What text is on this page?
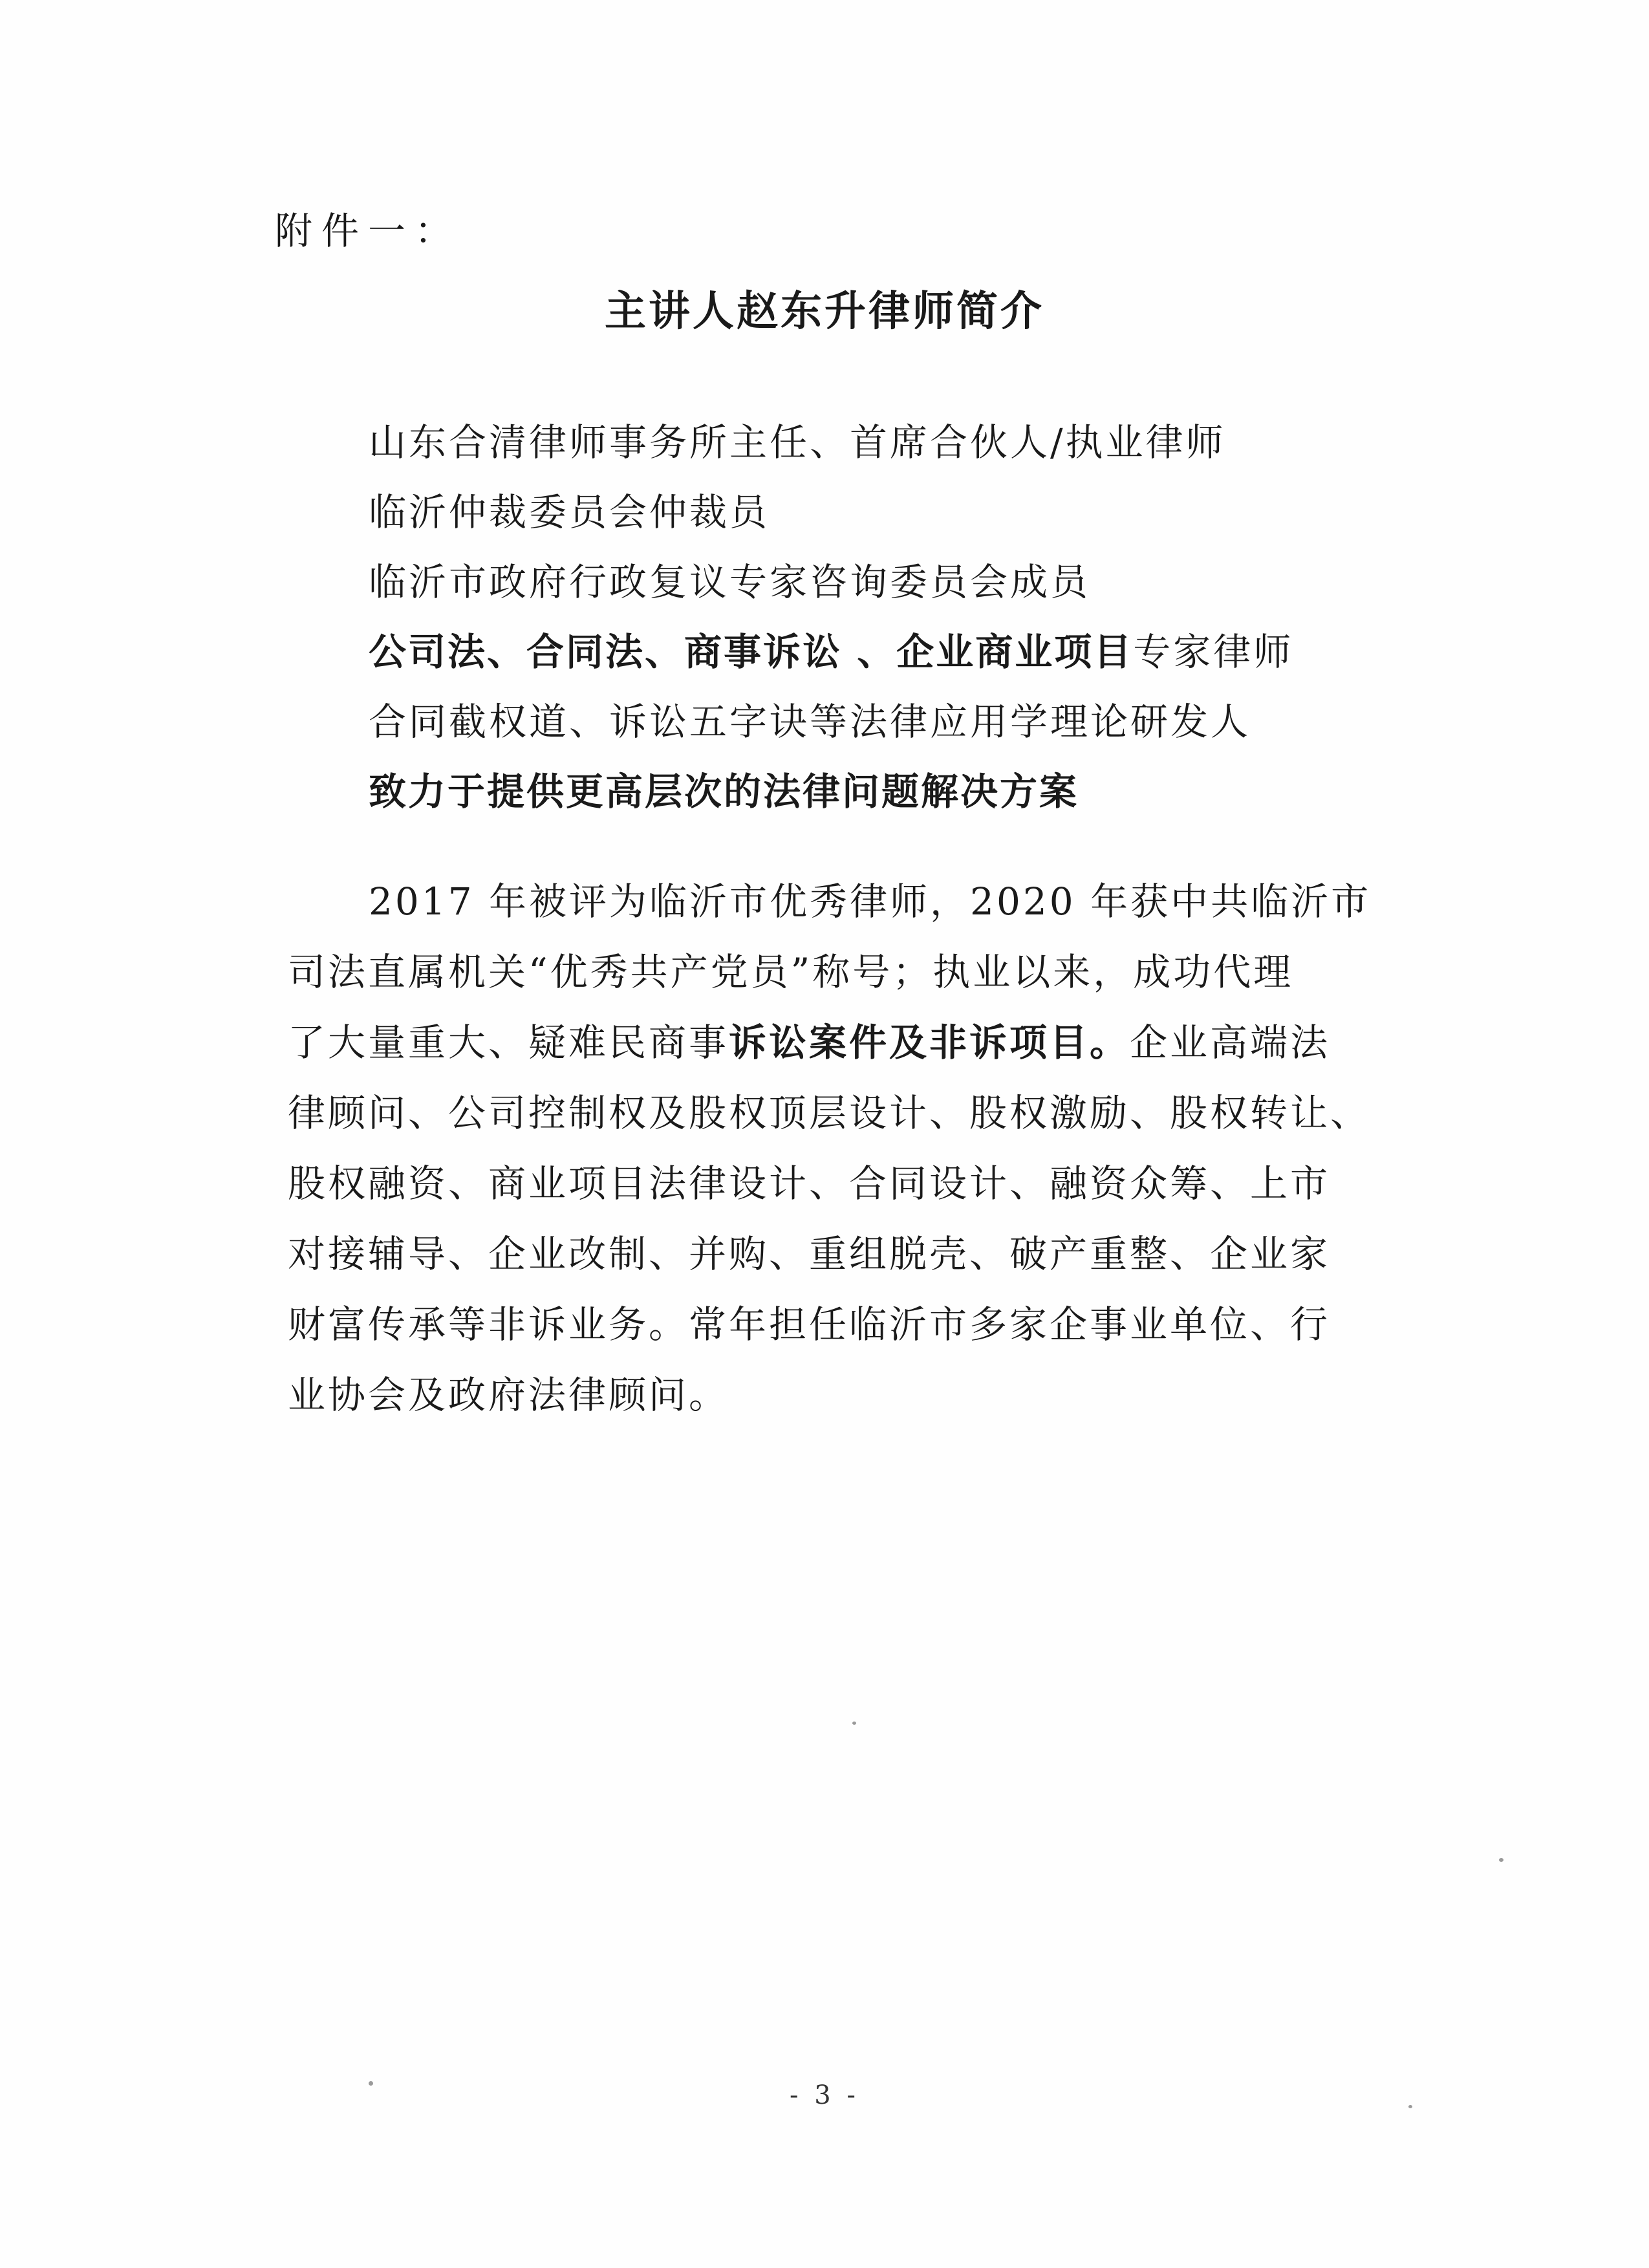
附件一：
主讲人赵东升律师简介
山东合清律师事务所主任、首席合伙人/执业律师
临沂仲裁委员会仲裁员
临沂市政府行政复议专家咨询委员会成员
公司法、合同法、商事诉讼 、企业商业项目专家律师
合同截权道、诉讼五字诀等法律应用学理论研发人
致力于提供更高层次的法律问题解决方案
2017 年被评为临沂市优秀律师，2020 年获中共临沂市
司法直属机关“优秀共产党员”称号；执业以来，成功代理
了大量重大、疑难民商事诉讼案件及非诉项目。企业高端法
律顾问、公司控制权及股权顶层设计、股权激励、股权转让、
股权融资、商业项目法律设计、合同设计、融资众筹、上市
对接辅导、企业改制、并购、重组脱壳、破产重整、企业家
财富传承等非诉业务。常年担任临沂市多家企事业单位、行
业协会及政府法律顾问。
- 3 -
